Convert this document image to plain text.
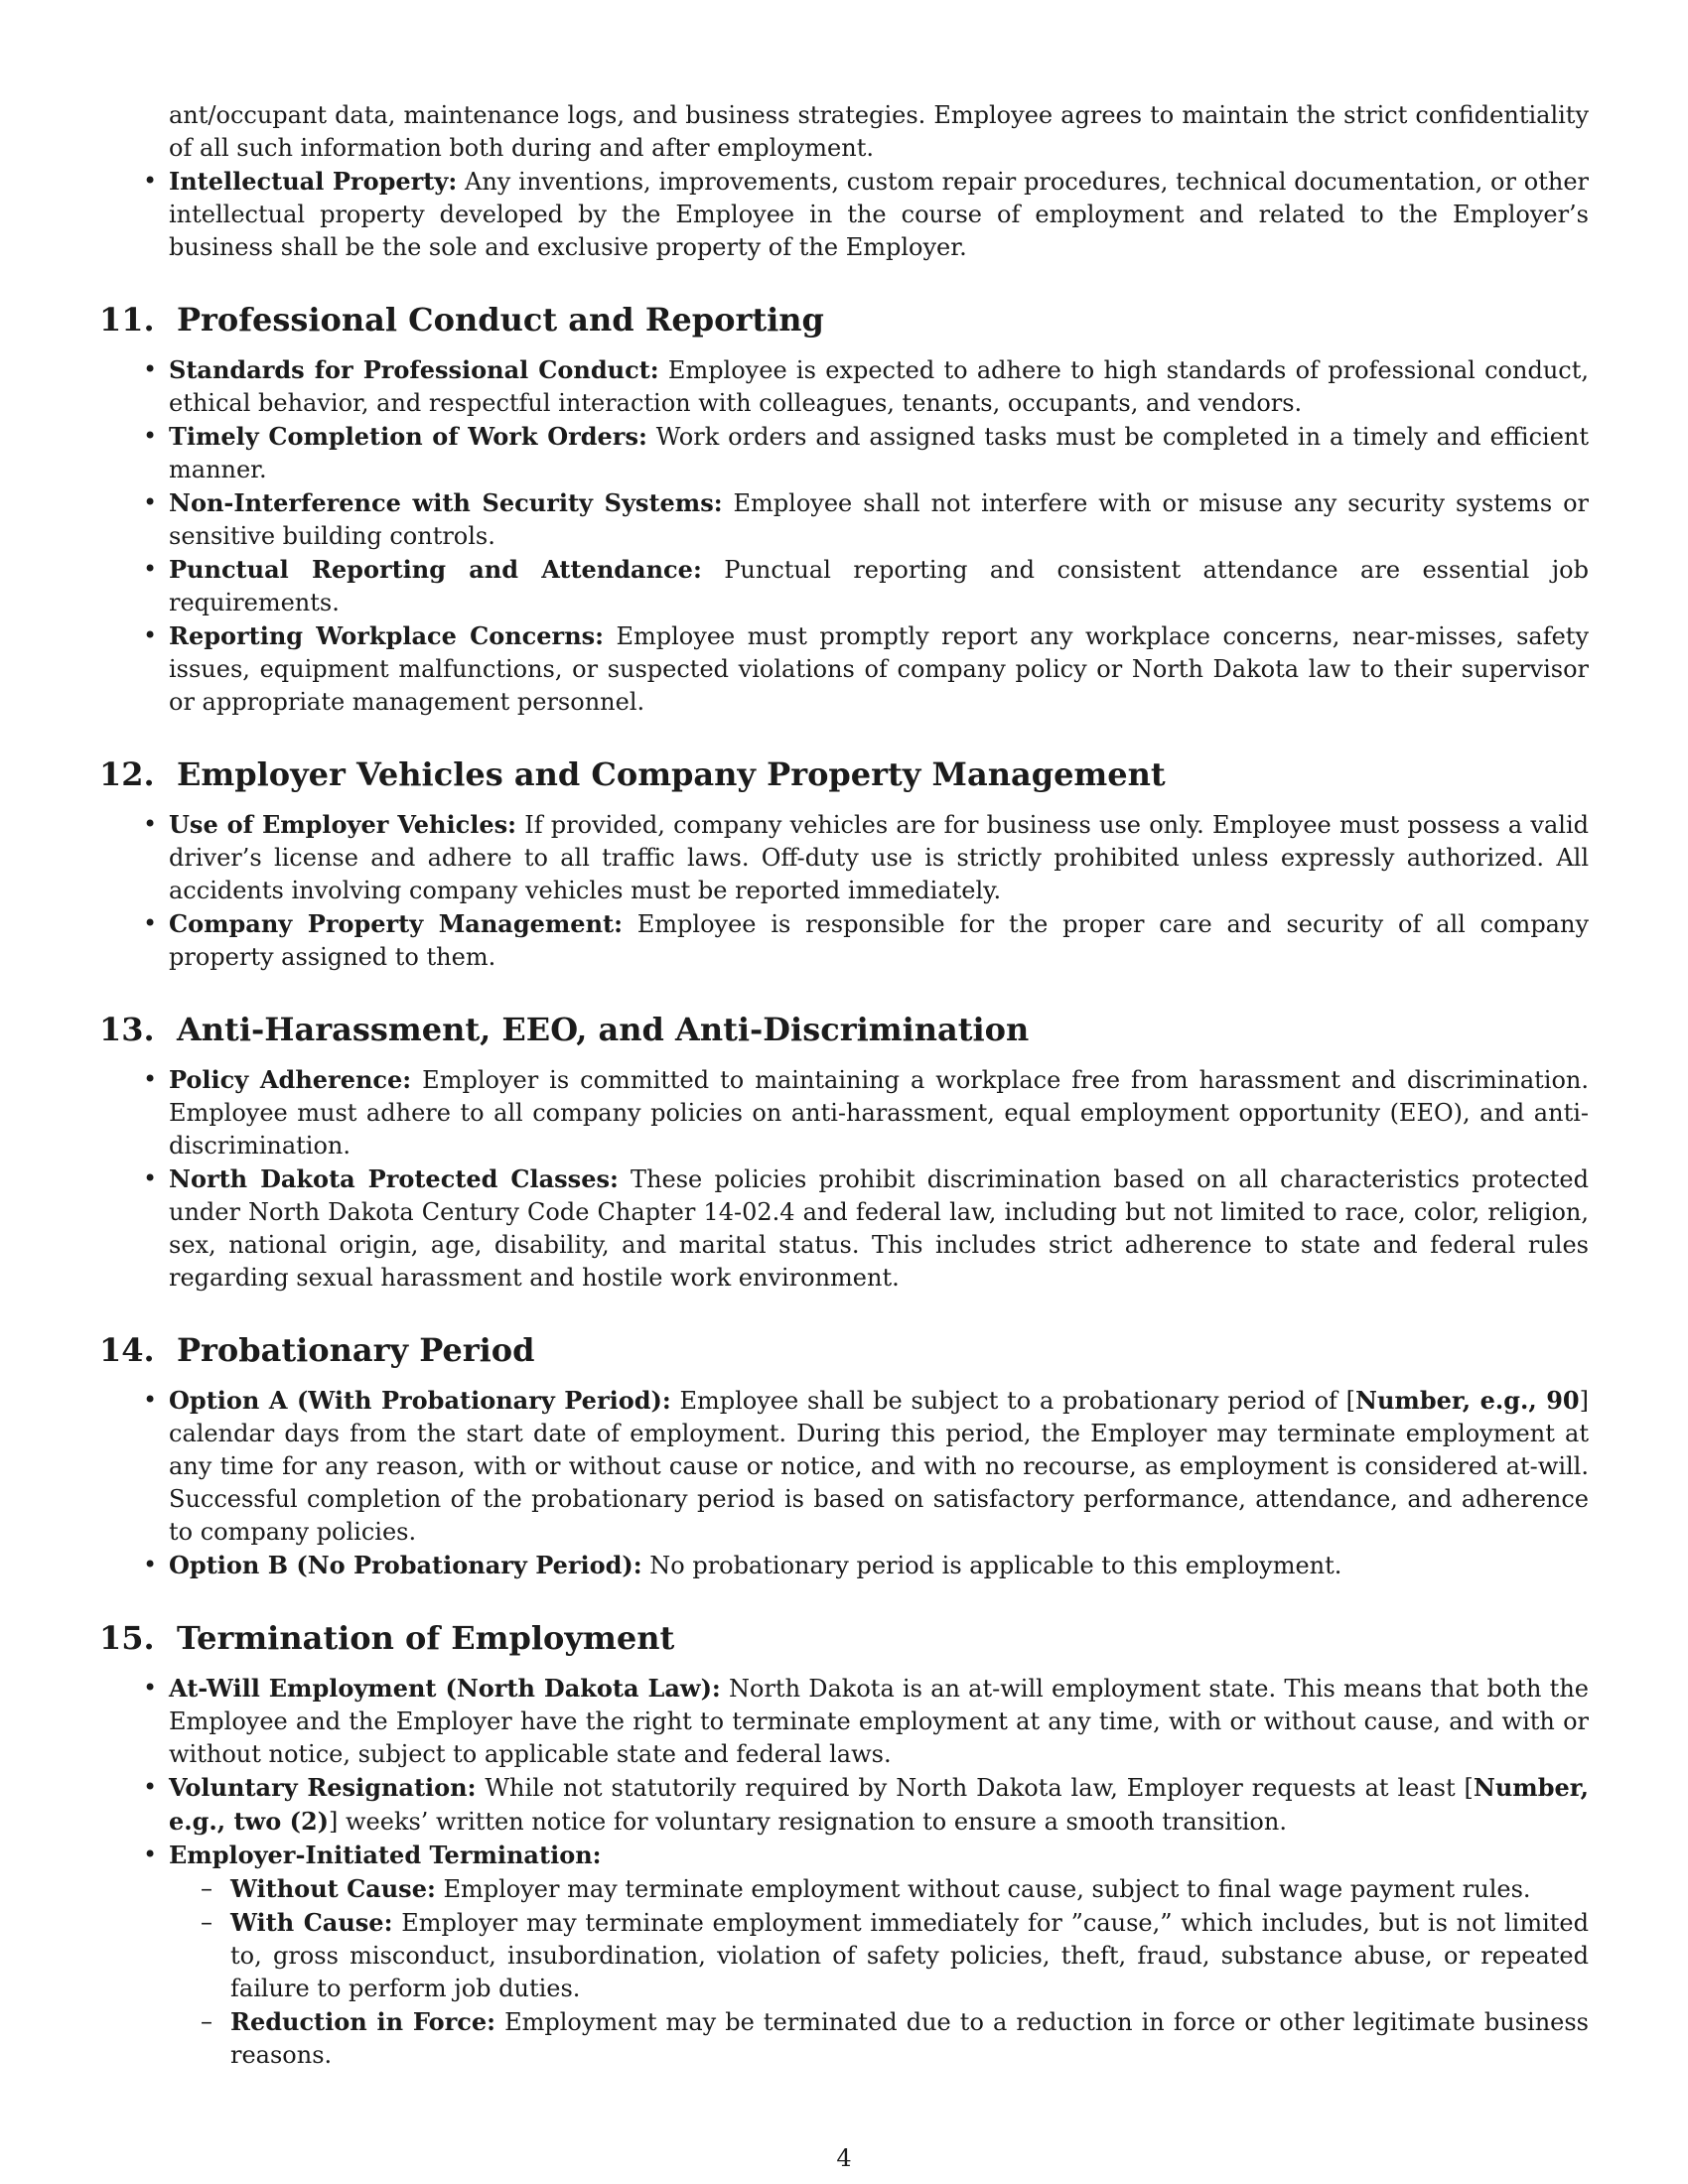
ant/occupant data, maintenance logs, and business strategies. Employee agrees to maintain the strict confidentiality of all such information both during and after employment.

• Intellectual Property: Any inventions, improvements, custom repair procedures, technical documentation, or other intellectual property developed by the Employee in the course of employment and related to the Employer’s business shall be the sole and exclusive property of the Employer.
11. Professional Conduct and Reporting
• Standards for Professional Conduct: Employee is expected to adhere to high standards of professional conduct, ethical behavior, and respectful interaction with colleagues, tenants, occupants, and vendors.
• Timely Completion of Work Orders: Work orders and assigned tasks must be completed in a timely and efficient manner.
• Non-Interference with Security Systems: Employee shall not interfere with or misuse any security systems or sensitive building controls.
• Punctual Reporting and Attendance: Punctual reporting and consistent attendance are essential job requirements.
• Reporting Workplace Concerns: Employee must promptly report any workplace concerns, near-misses, safety issues, equipment malfunctions, or suspected violations of company policy or North Dakota law to their supervisor or appropriate management personnel.
12. Employer Vehicles and Company Property Management
• Use of Employer Vehicles: If provided, company vehicles are for business use only. Employee must possess a valid driver’s license and adhere to all traffic laws. Off-duty use is strictly prohibited unless expressly authorized. All accidents involving company vehicles must be reported immediately.
• Company Property Management: Employee is responsible for the proper care and security of all company property assigned to them.
13. Anti-Harassment, EEO, and Anti-Discrimination
• Policy Adherence: Employer is committed to maintaining a workplace free from harassment and discrimination. Employee must adhere to all company policies on anti-harassment, equal employment opportunity (EEO), and anti-discrimination.
• North Dakota Protected Classes: These policies prohibit discrimination based on all characteristics protected under North Dakota Century Code Chapter 14-02.4 and federal law, including but not limited to race, color, religion, sex, national origin, age, disability, and marital status. This includes strict adherence to state and federal rules regarding sexual harassment and hostile work environment.
14. Probationary Period
• Option A (With Probationary Period): Employee shall be subject to a probationary period of [Number, e.g., 90] calendar days from the start date of employment. During this period, the Employer may terminate employment at any time for any reason, with or without cause or notice, and with no recourse, as employment is considered at-will. Successful completion of the probationary period is based on satisfactory performance, attendance, and adherence to company policies.
• Option B (No Probationary Period): No probationary period is applicable to this employment.
15. Termination of Employment
• At-Will Employment (North Dakota Law): North Dakota is an at-will employment state. This means that both the Employee and the Employer have the right to terminate employment at any time, with or without cause, and with or without notice, subject to applicable state and federal laws.
• Voluntary Resignation: While not statutorily required by North Dakota law, Employer requests at least [Number, e.g., two (2)] weeks’ written notice for voluntary resignation to ensure a smooth transition.
• Employer-Initiated Termination:
– Without Cause: Employer may terminate employment without cause, subject to final wage payment rules.
– With Cause: Employer may terminate employment immediately for ”cause,” which includes, but is not limited to, gross misconduct, insubordination, violation of safety policies, theft, fraud, substance abuse, or repeated failure to perform job duties.
– Reduction in Force: Employment may be terminated due to a reduction in force or other legitimate business reasons.
4
